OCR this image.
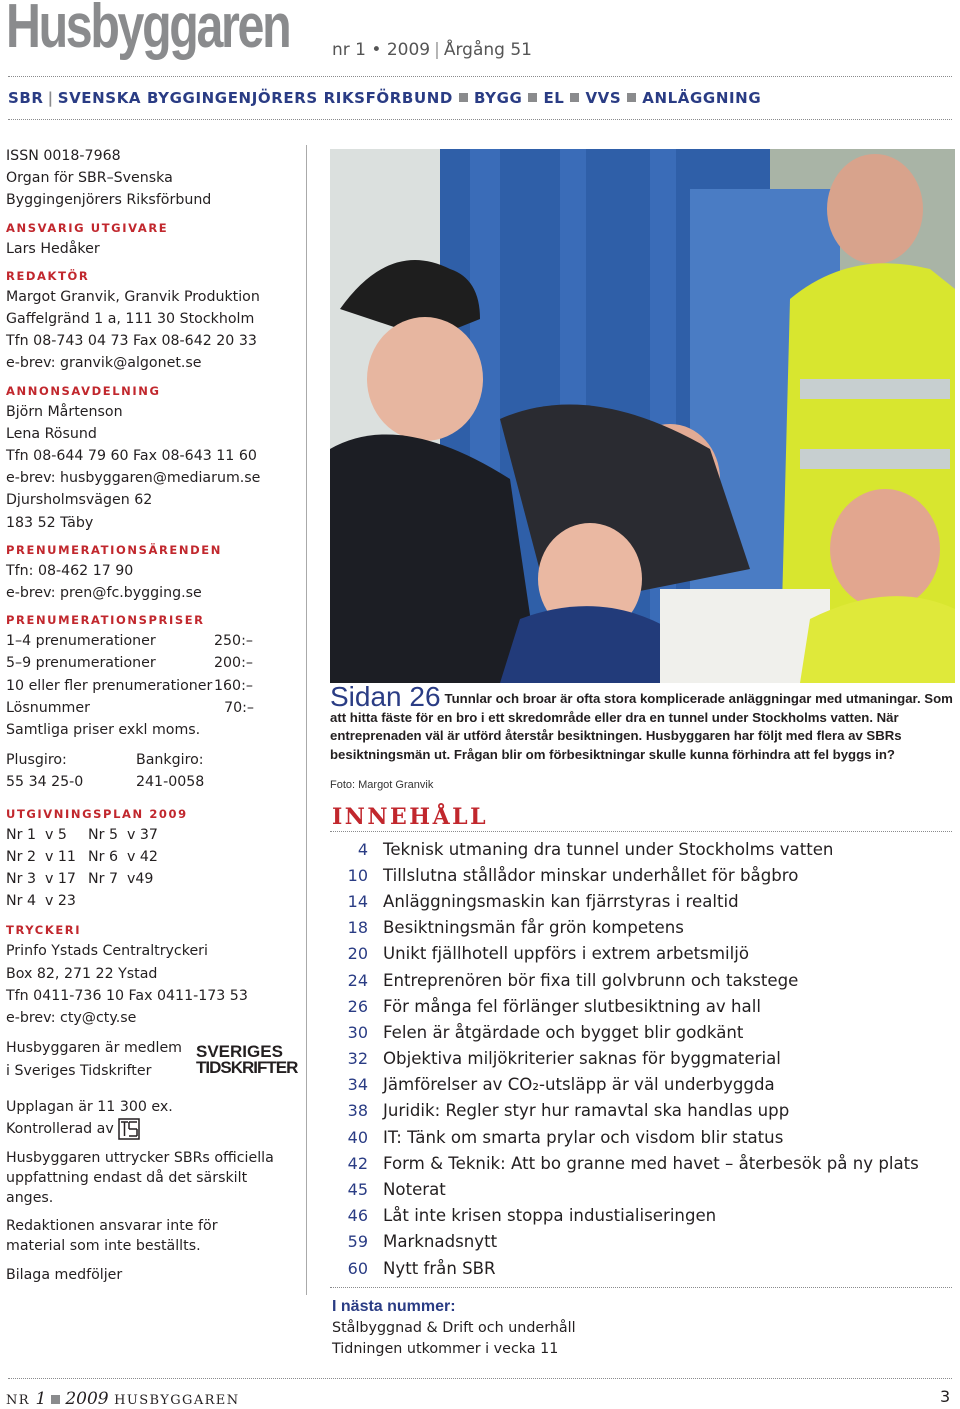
Husbyggaren	nr 1 • 2009 | Årgång 51
SBR | SVENSKA BYGGINGENJÖRERS RIKSFÖRBUND BYGG EL VVS ANLÄGGNING
ISSN 0018-7968
Organ för SBR–Svenska
Byggingenjörers Riksförbund
ANSVARIG UTGIVARE
Lars Hedåker
REDAKTÖR
Margot Granvik, Granvik Produktion
Gaffelgränd 1 a, 111 30 Stockholm
Tfn 08-743 04 73 Fax 08-642 20 33
e-brev: granvik@algonet.se
ANNONSAVDELNING
Björn Mårtenson
Lena Rösund
Tfn 08-644 79 60 Fax 08-643 11 60
e-brev: husbyggaren@mediarum.se
Djursholmsvägen 62
183 52 Täby
PRENUMERATIONSÄRENDEN
Tfn: 08-462 17 90
e-brev: pren@fc.bygging.se
PRENUMERATIONSPRISER
1–4 prenumerationer	250:–
5–9 prenumerationer	200:–
10 eller fler prenumerationer 160:–
Lösnummer	70:–
Samtliga priser exkl moms.
Plusgiro:	Bankgiro:
55 34 25-0	241-0058
UTGIVNINGSPLAN 2009
Nr 1  v 5	Nr 5  v 37
Nr 2  v 11 Nr 6  v 42
Nr 3  v 17 Nr 7  v49
Nr 4  v 23
TRYCKERI
Prinfo Ystads Centraltryckeri
Box 82, 271 22 Ystad
Tfn 0411-736 10 Fax 0411-173 53
e-brev: cty@cty.se
Husbyggaren är medlem
i Sveriges Tidskrifter
SVERIGES
TIDSKRIFTER
Upplagan är 11 300 ex.
Kontrollerad av	TS
Husbyggaren uttrycker SBRs officiella
uppfattning endast då det särskilt
anges.
Redaktionen ansvarar inte för
material som inte beställts.
Bilaga medföljer
Sidan 26 Tunnlar och broar är ofta stora komplicerade anläggningar med utmaningar. Som att hitta fäste för en bro i ett skredområde eller dra en tunnel under Stockholms vatten. När entreprenaden väl är utförd återstår besiktningen. Husbyggaren har följt med flera av SBRs besiktningsmän ut. Frågan blir om förbesiktningar skulle kunna förhindra att fel byggs in?
Foto: Margot Granvik
INNEHÅLL
4 Teknisk utmaning dra tunnel under Stockholms vatten
10 Tillslutna stållådor minskar underhållet för bågbro
14 Anläggningsmaskin kan fjärrstyras i realtid
18 Besiktningsmän får grön kompetens
20 Unikt fjällhotell uppförs i extrem arbetsmiljö
24 Entreprenören bör fixa till golvbrunn och takstege
26 För många fel förlänger slutbesiktning av hall
30 Felen är åtgärdade och bygget blir godkänt
32 Objektiva miljökriterier saknas för byggmaterial
34 Jämförelser av CO₂-utsläpp är väl underbyggda
38 Juridik: Regler styr hur ramavtal ska handlas upp
40 IT: Tänk om smarta prylar och visdom blir status
42 Form & Teknik: Att bo granne med havet – återbesök på ny plats
45 Noterat
46 Låt inte krisen stoppa industialiseringen
59 Marknadsnytt
60 Nytt från SBR
I nästa nummer:
Stålbyggnad & Drift och underhåll
Tidningen utkommer i vecka 11
NR 1 2009 HUSBYGGAREN	3
